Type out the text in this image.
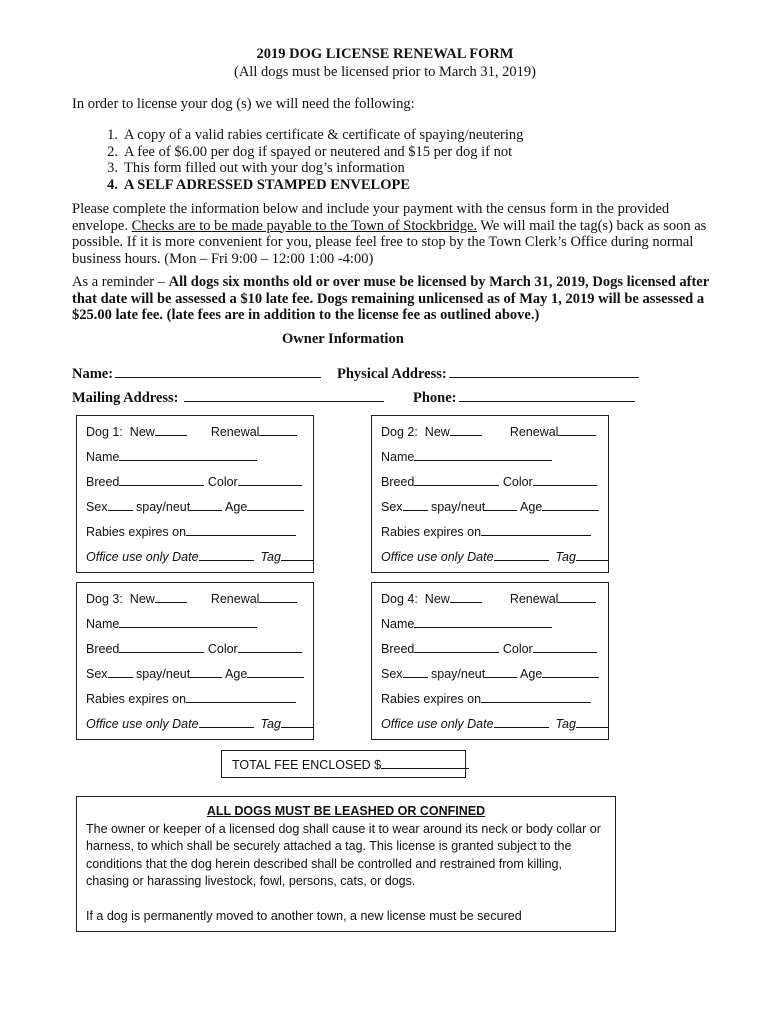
2019 DOG LICENSE RENEWAL FORM
(All dogs must be licensed prior to March 31, 2019)
In order to license your dog (s) we will need the following:
1. A copy of a valid rabies certificate & certificate of spaying/neutering
2. A fee of $6.00 per dog if spayed or neutered and $15 per dog if not
3. This form filled out with your dog’s information
4. A SELF ADRESSED STAMPED ENVELOPE
Please complete the information below and include your payment with the census form in the provided envelope. Checks are to be made payable to the Town of Stockbridge. We will mail the tag(s) back as soon as possible. If it is more convenient for you, please feel free to stop by the Town Clerk’s Office during normal business hours. (Mon – Fri 9:00 – 12:00 1:00 -4:00)
As a reminder – All dogs six months old or over muse be licensed by March 31, 2019, Dogs licensed after that date will be assessed a $10 late fee. Dogs remaining unlicensed as of May 1, 2019 will be assessed a $25.00 late fee. (late fees are in addition to the license fee as outlined above.)
Owner Information
Name:	Physical Address:
Mailing Address:	Phone:
Dog 1: New	Renewal
Name
Breed	Color
Sex spay/neut	Age
Rabies expires on
Office use only Date	Tag
Dog 2: New	Renewal
Name
Breed	Color
Sex spay/neut	Age
Rabies expires on
Office use only Date	Tag
Dog 3: New	Renewal
Name
Breed	Color
Sex spay/neut	Age
Rabies expires on
Office use only Date	Tag
Dog 4: New	Renewal
Name
Breed	Color
Sex spay/neut	Age
Rabies expires on
Office use only Date	Tag
TOTAL FEE ENCLOSED $
ALL DOGS MUST BE LEASHED OR CONFINED

The owner or keeper of a licensed dog shall cause it to wear around its neck or body collar or harness, to which shall be securely attached a tag. This license is granted subject to the conditions that the dog herein described shall be controlled and restrained from killing, chasing or harassing livestock, fowl, persons, cats, or dogs.

If a dog is permanently moved to another town, a new license must be secured
